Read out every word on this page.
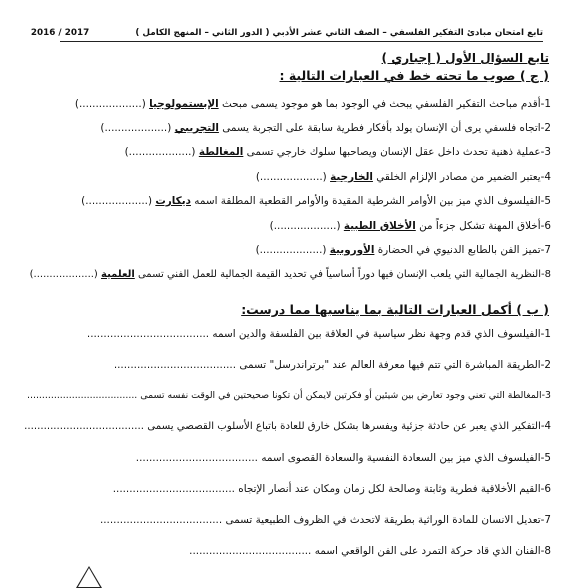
تابع امتحان مبادئ التفكير الفلسفي – الصف الثاني عشر الأدبي ( الدور الثاني – المنهج الكامل )  2017 / 2016
تابع السؤال الأول ( إجباري )
( ج ) صوب ما تحته خط في العبارات التالية :
1-أقدم مباحث التفكير الفلسفي يبحث في الوجود بما هو موجود يسمى مبحث الإبستمولوجيا (...................)
2-اتجاه فلسفي يرى أن الإنسان يولد بأفكار فطرية سابقة على التجربة يسمى التجريبي (...................)
3-عملية ذهنية تحدث داخل عقل الإنسان ويصاحبها سلوك خارجي تسمى المغالطة (...................)
4-يعتبر الضمير من مصادر الإلزام الخلقي الخارجية (...................)
5-الفيلسوف الذي ميز بين الأوامر الشرطية المقيدة والأوامر القطعية المطلقة اسمه ديكارت (...................)
6-أخلاق المهنة تشكل جزءاً من الأخلاق الطبية (...................)
7-تميز الفن بالطابع الدنيوي في الحضارة الأوروبية (...................)
8-النظرية الجمالية التي يلعب الإنسان فيها دوراً أساسياً في تحديد القيمة الجمالية للعمل الفني تسمى العلمية (...................)
( ب ) أكمل العبارات التالية بما يناسبها مما درست:
1-الفيلسوف الذي قدم وجهة نظر سياسية في العلاقة بين الفلسفة والدين اسمه .....................................
2-الطريقة المباشرة التي تتم فيها معرفة العالم عند "برتراندرسل" تسمى .....................................
3-المغالطة التي تعني وجود تعارض بين شيئين أو فكرتين لايمكن أن تكونا صحيحتين في الوقت نفسه تسمى .....................................
4-التفكير الذي يعبر عن حادثة جزئية ويفسرها بشكل خارق للعادة باتباع الأسلوب القصصي يسمى .....................................
5-الفيلسوف الذي ميز بين السعادة النفسية والسعادة القصوى اسمه .....................................
6-القيم الأخلاقية فطرية وثابتة وصالحة لكل زمان ومكان عند أنصار الإتجاه .....................................
7-تعديل الانسان للمادة الوراثية بطريقة لاتحدث في الظروف الطبيعية تسمى .....................................
8-الفنان الذي قاد حركة التمرد على الفن الواقعي اسمه .....................................
